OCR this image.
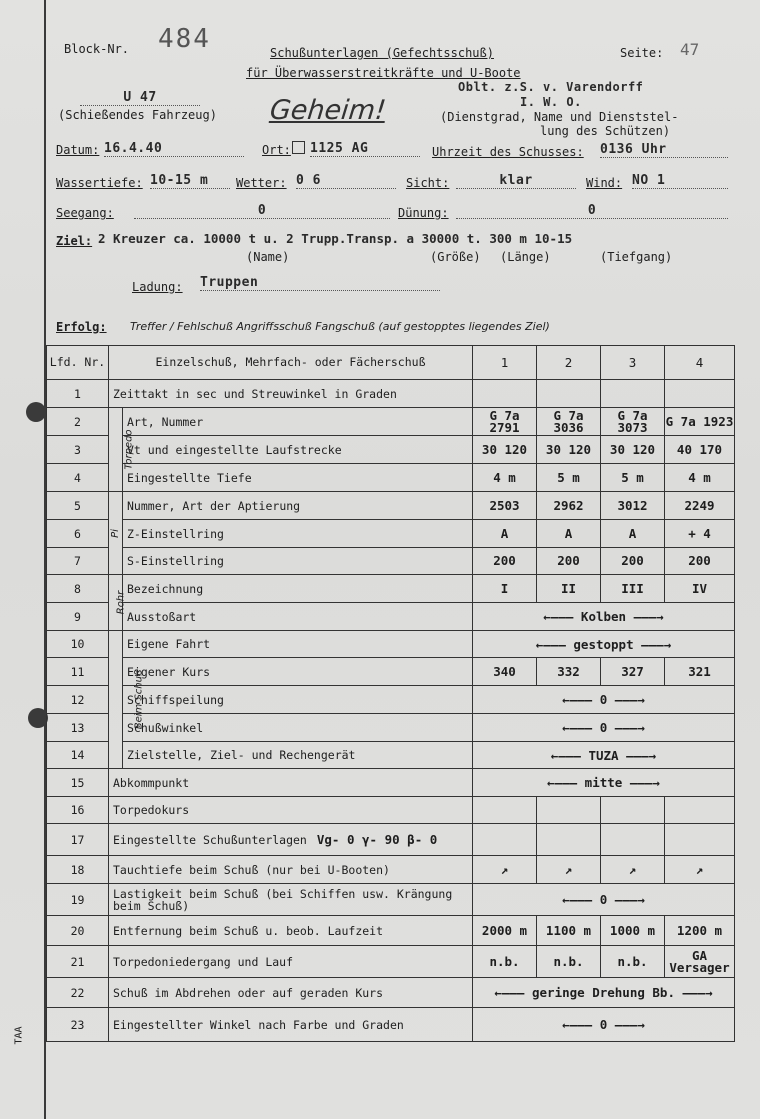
TAA
Block-Nr. 484	Schußunterlagen (Gefechtsschuß)
für Überwasserstreitkräfte und U-Boote
Seite: 47
U 47
(Schießendes Fahrzeug) Geheim!
Oblt. z.S. v. Varendorff
I. W. O.
(Dienstgrad, Name und Dienststel-
lung des Schützen)
Datum: 16.4.40	Ort: 1125 AG	Uhrzeit des Schusses: 0136 Uhr
Wassertiefe: 10-15 m	Wetter: 0 6	Sicht:	klar	Wind: NO 1
Seegang:	0	Dünung:	0
Ziel: 2 Kreuzer ca. 10000 t u. 2 Trupp.Transp. a 30000 t. 300 m 10-15
(Name)	(Größe) (Länge)	(Tiefgang)
Ladung: Truppen
Erfolg: Treffer / Fehlschuß Angriffsschuß Fangschuß (auf gestopptes liegendes Ziel)
Lfd. Nr.	Einzelschuß, Mehrfach- oder Fächerschuß		1	2	3	4
1	Zeittakt in sec und Streuwinkel in Graden					
2	Torpedo	Art, Nummer	G 7a 2791	G 7a 3036	G 7a 3073	G 7a 1923
3		Vt und eingestellte Laufstrecke	30 120	30 120	30 120	40 170
4		Eingestellte Tiefe	4 m	5 m	5 m	4 m
5	Pi	Nummer, Art der Aptierung	2503	2962	3012	2249
6		Z-Einstellring	A	A	A	+ 4
7		S-Einstellring	200	200	200	200
8	Rohr	Bezeichnung	I	II	III	IV
9		Ausstoßart	←——— Kolben ———→
10	Beim Schuß	Eigene Fahrt	←——— gestoppt ———→
11		Eigener Kurs	340	332	327	321
12		Schiffspeilung	←——— 0 ———→
13		Schußwinkel	←——— 0 ———→
14		Zielstelle, Ziel- und Rechengerät	←——— TUZA ———→
15	Abkommpunkt		←——— mitte ———→
16	Torpedokurs					
17	Eingestellte Schußunterlagen Vg- 0 γ- 90 β- 0					
18	Tauchtiefe beim Schuß (nur bei U-Booten)		↗	↗	↗	↗
19	Lastigkeit beim Schuß (bei Schiffen usw. Krängung beim Schuß)		←——— 0 ———→
20	Entfernung beim Schuß u. beob. Laufzeit		2000 m	1100 m	1000 m	1200 m
21	Torpedoniedergang und Lauf		n.b.	n.b.	n.b.	GA Versager
22	Schuß im Abdrehen oder auf geraden Kurs		←——— geringe Drehung Bb. ———→
23	Eingestellter Winkel nach Farbe und Graden		←——— 0 ———→
